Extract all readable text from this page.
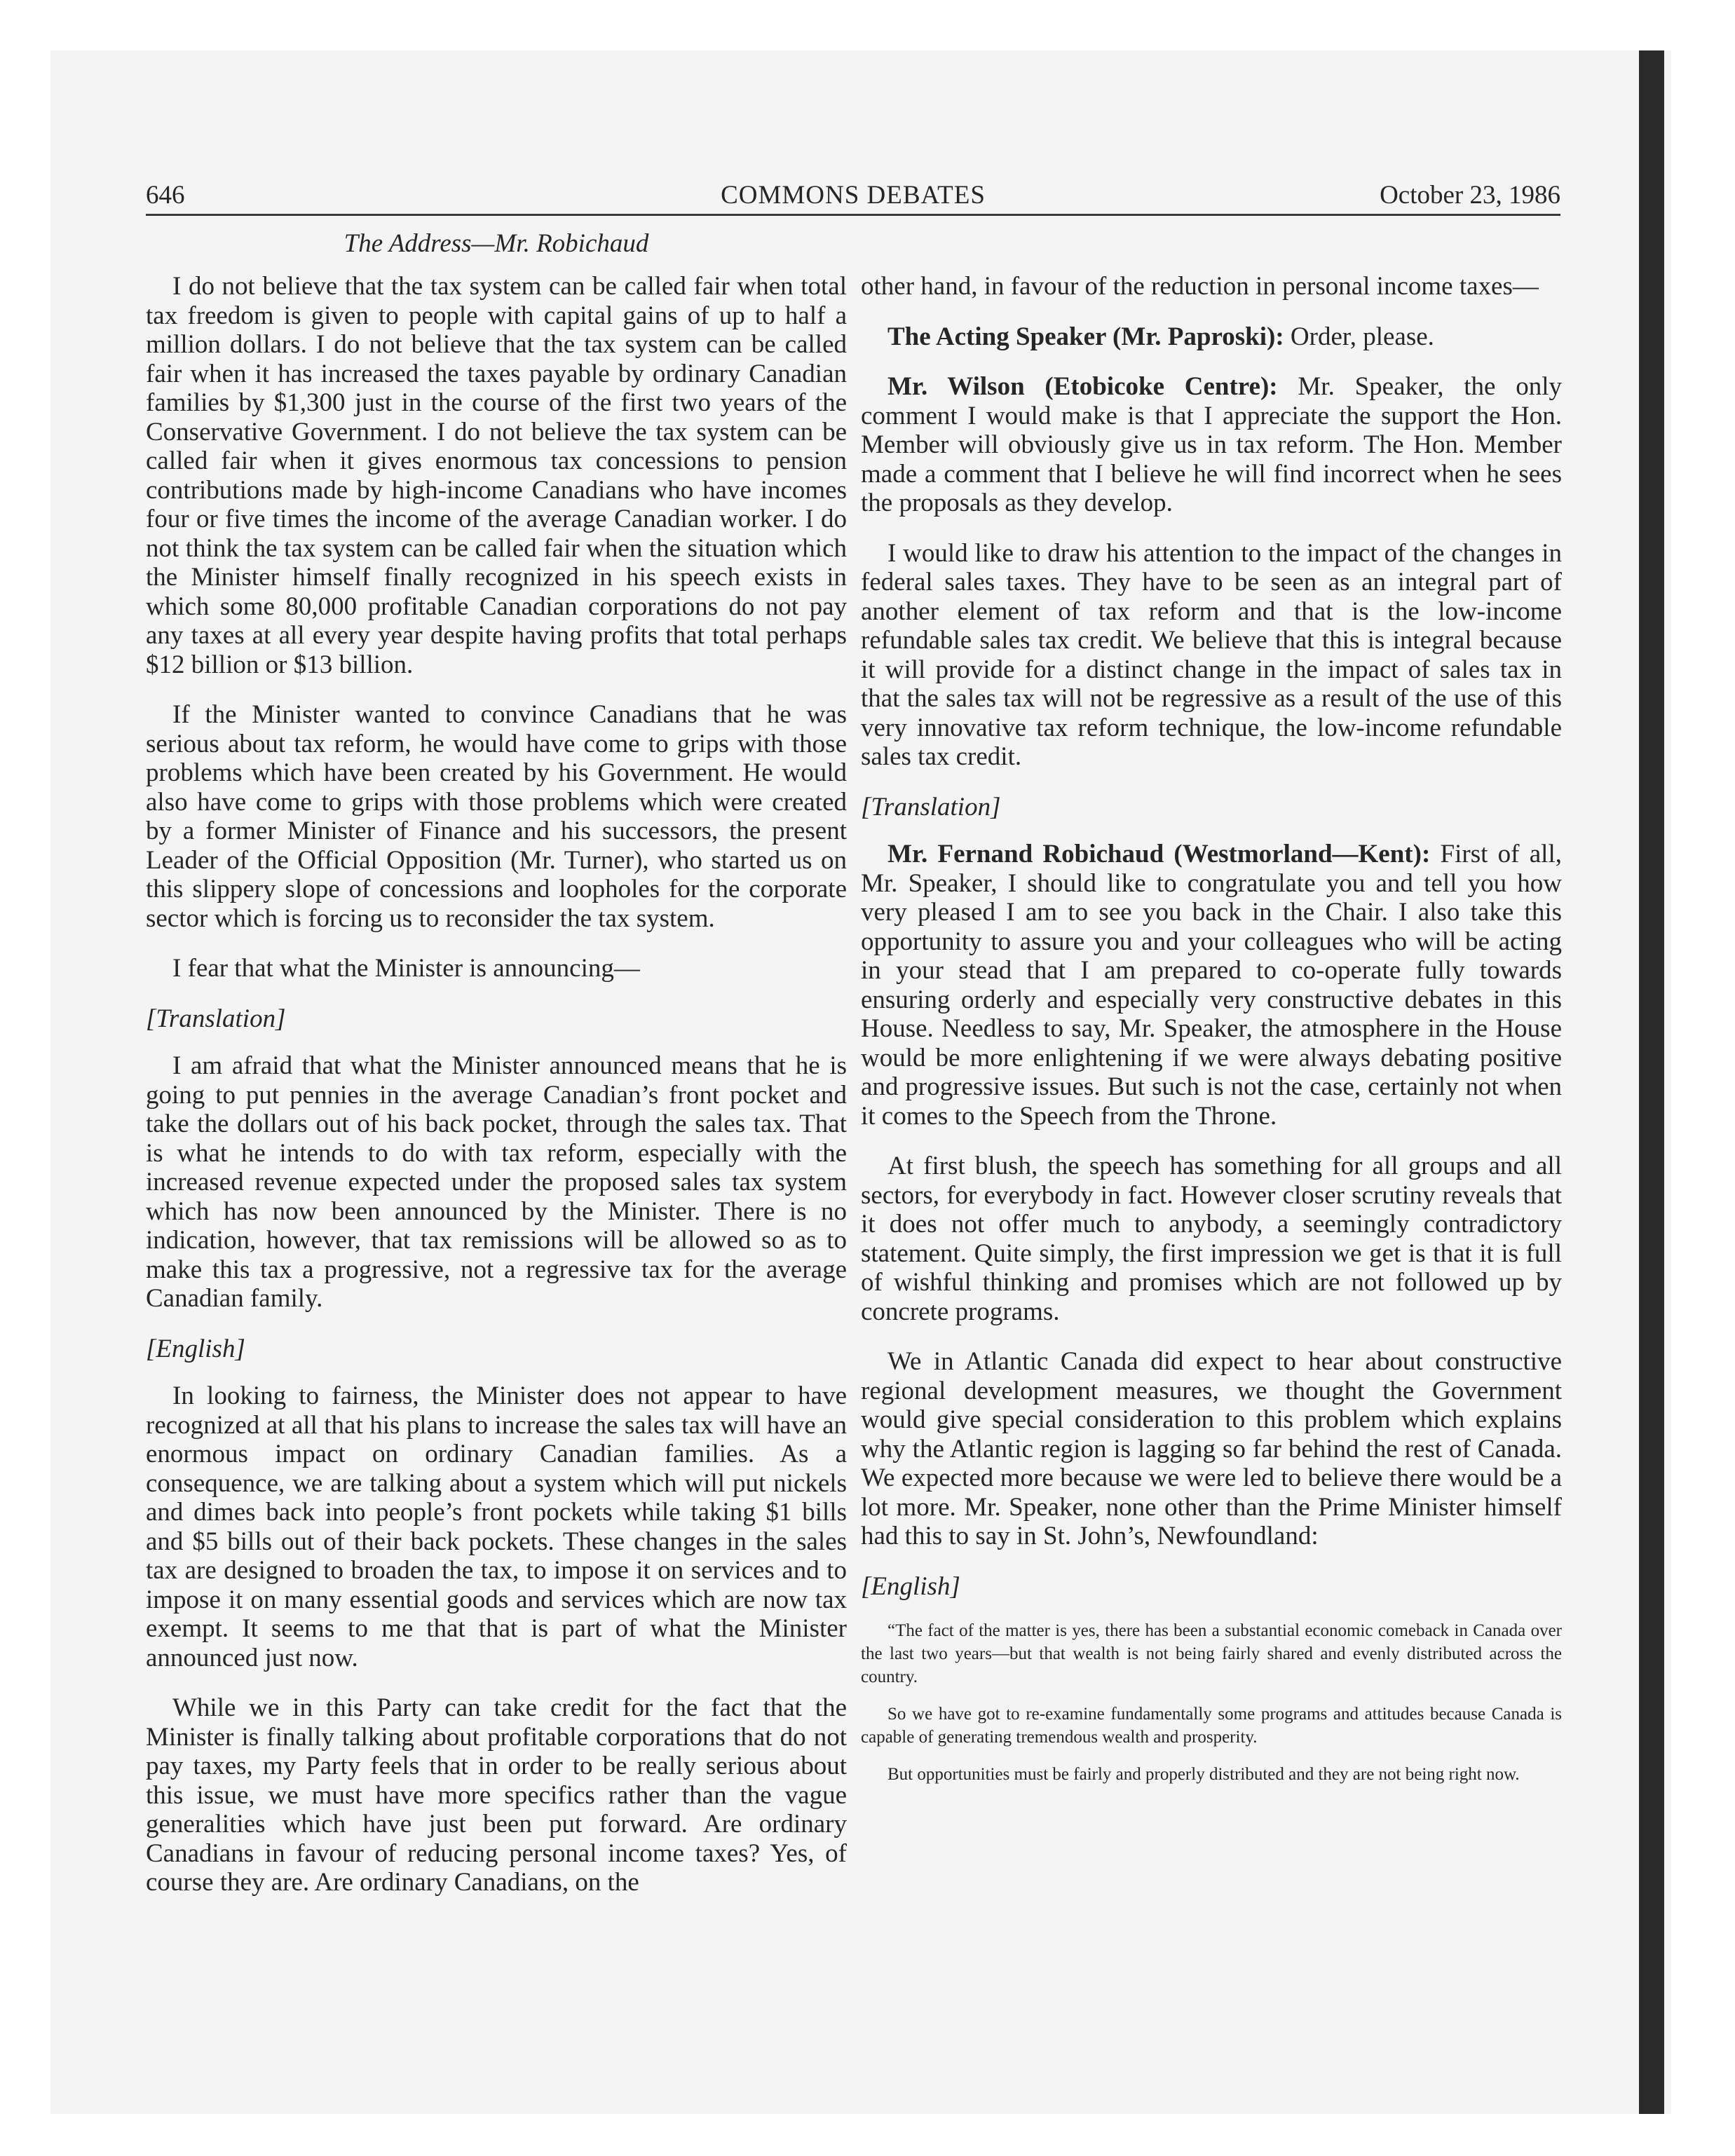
646	COMMONS DEBATES	October 23, 1986
The Address—Mr. Robichaud

I do not believe that the tax system can be called fair when total tax freedom is given to people with capital gains of up to half a million dollars. I do not believe that the tax system can be called fair when it has increased the taxes payable by ordinary Canadian families by $1,300 just in the course of the first two years of the Conservative Government. I do not believe the tax system can be called fair when it gives enormous tax concessions to pension contributions made by high-income Canadians who have incomes four or five times the income of the average Canadian worker. I do not think the tax system can be called fair when the situation which the Minister himself finally recognized in his speech exists in which some 80,000 profitable Canadian corporations do not pay any taxes at all every year despite having profits that total perhaps $12 billion or $13 billion.

If the Minister wanted to convince Canadians that he was serious about tax reform, he would have come to grips with those problems which have been created by his Government. He would also have come to grips with those problems which were created by a former Minister of Finance and his successors, the present Leader of the Official Opposition (Mr. Turner), who started us on this slippery slope of concessions and loopholes for the corporate sector which is forcing us to reconsider the tax system.

I fear that what the Minister is announcing—

[Translation]

I am afraid that what the Minister announced means that he is going to put pennies in the average Canadian’s front pocket and take the dollars out of his back pocket, through the sales tax. That is what he intends to do with tax reform, especially with the increased revenue expected under the proposed sales tax system which has now been announced by the Minister. There is no indication, however, that tax remissions will be allowed so as to make this tax a progressive, not a regressive tax for the average Canadian family.

[English]

In looking to fairness, the Minister does not appear to have recognized at all that his plans to increase the sales tax will have an enormous impact on ordinary Canadian families. As a consequence, we are talking about a system which will put nickels and dimes back into people’s front pockets while taking $1 bills and $5 bills out of their back pockets. These changes in the sales tax are designed to broaden the tax, to impose it on services and to impose it on many essential goods and services which are now tax exempt. It seems to me that that is part of what the Minister announced just now.

While we in this Party can take credit for the fact that the Minister is finally talking about profitable corporations that do not pay taxes, my Party feels that in order to be really serious about this issue, we must have more specifics rather than the vague generalities which have just been put forward. Are ordinary Canadians in favour of reducing personal income taxes? Yes, of course they are. Are ordinary Canadians, on the

other hand, in favour of the reduction in personal income taxes—

The Acting Speaker (Mr. Paproski): Order, please.

Mr. Wilson (Etobicoke Centre): Mr. Speaker, the only comment I would make is that I appreciate the support the Hon. Member will obviously give us in tax reform. The Hon. Member made a comment that I believe he will find incorrect when he sees the proposals as they develop.

I would like to draw his attention to the impact of the changes in federal sales taxes. They have to be seen as an integral part of another element of tax reform and that is the low-income refundable sales tax credit. We believe that this is integral because it will provide for a distinct change in the impact of sales tax in that the sales tax will not be regressive as a result of the use of this very innovative tax reform technique, the low-income refundable sales tax credit.

[Translation]

Mr. Fernand Robichaud (Westmorland—Kent): First of all, Mr. Speaker, I should like to congratulate you and tell you how very pleased I am to see you back in the Chair. I also take this opportunity to assure you and your colleagues who will be acting in your stead that I am prepared to co-operate fully towards ensuring orderly and especially very constructive debates in this House. Needless to say, Mr. Speaker, the atmosphere in the House would be more enlightening if we were always debating positive and progressive issues. But such is not the case, certainly not when it comes to the Speech from the Throne.

At first blush, the speech has something for all groups and all sectors, for everybody in fact. However closer scrutiny reveals that it does not offer much to anybody, a seemingly contradictory statement. Quite simply, the first impression we get is that it is full of wishful thinking and promises which are not followed up by concrete programs.

We in Atlantic Canada did expect to hear about constructive regional development measures, we thought the Government would give special consideration to this problem which explains why the Atlantic region is lagging so far behind the rest of Canada. We expected more because we were led to believe there would be a lot more. Mr. Speaker, none other than the Prime Minister himself had this to say in St. John’s, Newfoundland:

[English]

“The fact of the matter is yes, there has been a substantial economic comeback in Canada over the last two years—but that wealth is not being fairly shared and evenly distributed across the country.

So we have got to re-examine fundamentally some programs and attitudes because Canada is capable of generating tremendous wealth and prosperity.

But opportunities must be fairly and properly distributed and they are not being right now.
